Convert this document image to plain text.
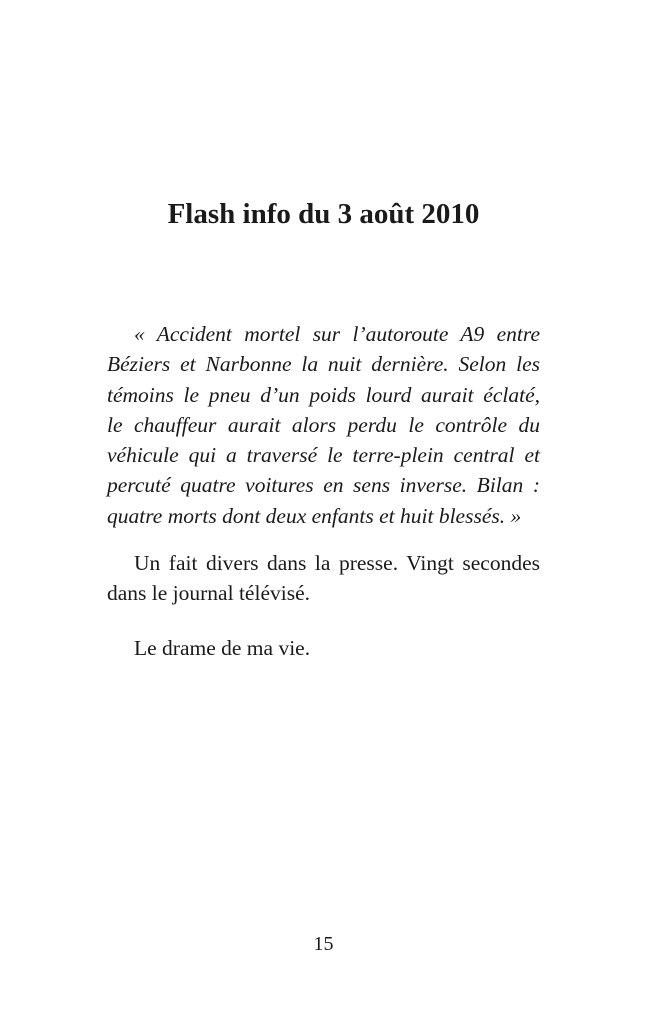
Flash info du 3 août 2010
« Accident mortel sur l’autoroute A9 entre
Béziers et Narbonne la nuit dernière. Selon les
témoins le pneu d’un poids lourd aurait éclaté,
le chauffeur aurait alors perdu le contrôle du
véhicule qui a traversé le terre-plein central et
percuté quatre voitures en sens inverse. Bilan :
quatre morts dont deux enfants et huit blessés. »
Un fait divers dans la presse. Vingt secondes
dans le journal télévisé.
Le drame de ma vie.
15
